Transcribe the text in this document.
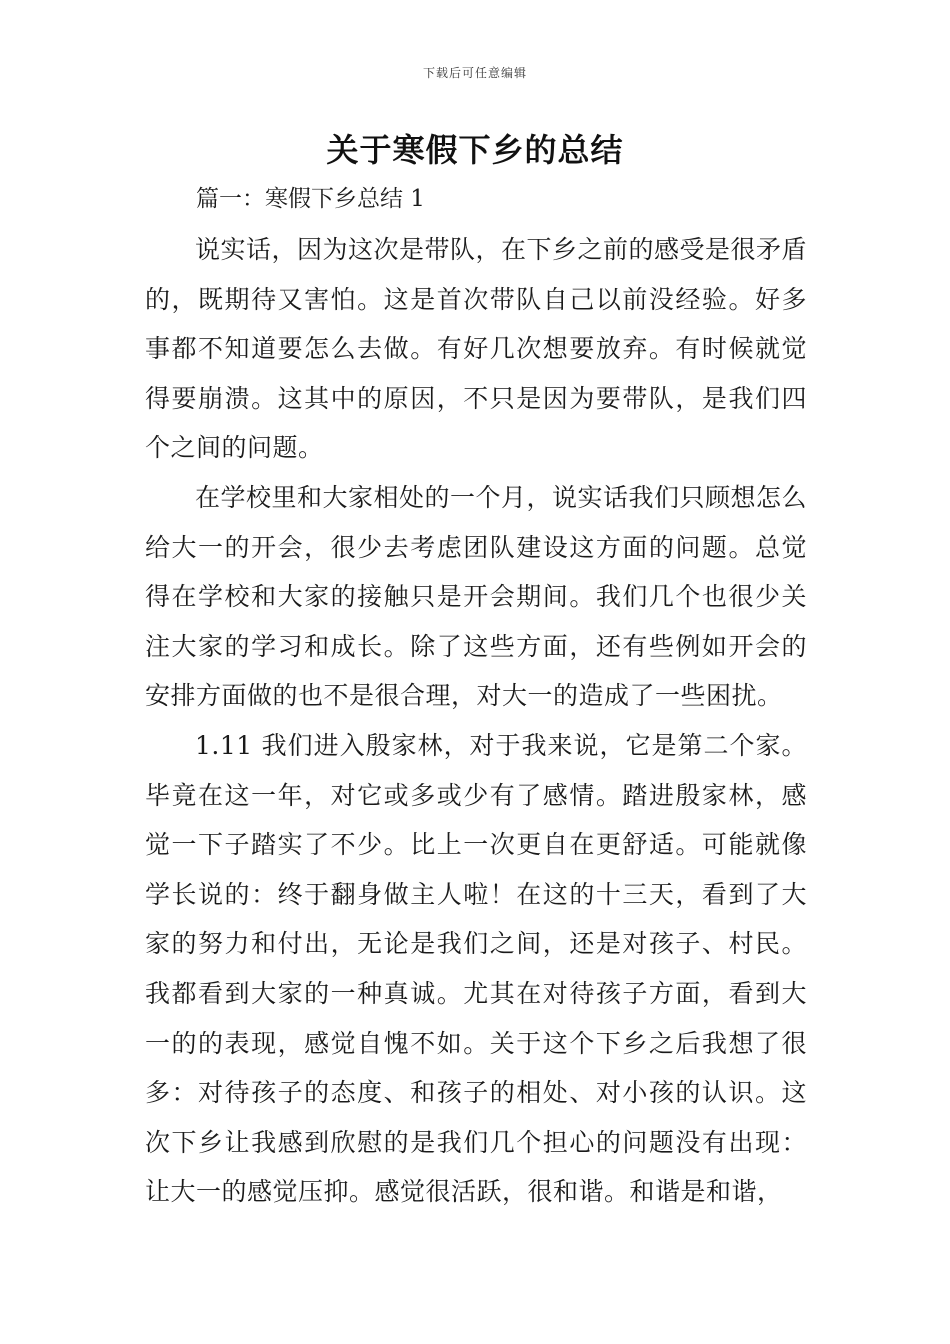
下载后可任意编辑
关于寒假下乡的总结
篇一：寒假下乡总结 1

说实话，因为这次是带队，在下乡之前的感受是很矛盾的，既期待又害怕。这是首次带队自己以前没经验。好多事都不知道要怎么去做。有好几次想要放弃。有时候就觉得要崩溃。这其中的原因，不只是因为要带队，是我们四个之间的问题。

在学校里和大家相处的一个月，说实话我们只顾想怎么给大一的开会，很少去考虑团队建设这方面的问题。总觉得在学校和大家的接触只是开会期间。我们几个也很少关注大家的学习和成长。除了这些方面，还有些例如开会的安排方面做的也不是很合理，对大一的造成了一些困扰。

1.11 我们进入殷家林，对于我来说，它是第二个家。毕竟在这一年，对它或多或少有了感情。踏进殷家林，感觉一下子踏实了不少。比上一次更自在更舒适。可能就像学长说的：终于翻身做主人啦！在这的十三天，看到了大家的努力和付出，无论是我们之间，还是对孩子、村民。我都看到大家的一种真诚。尤其在对待孩子方面，看到大一的的表现，感觉自愧不如。关于这个下乡之后我想了很多：对待孩子的态度、和孩子的相处、对小孩的认识。这次下乡让我感到欣慰的是我们几个担心的问题没有出现：让大一的感觉压抑。感觉很活跃，很和谐。和谐是和谐，
